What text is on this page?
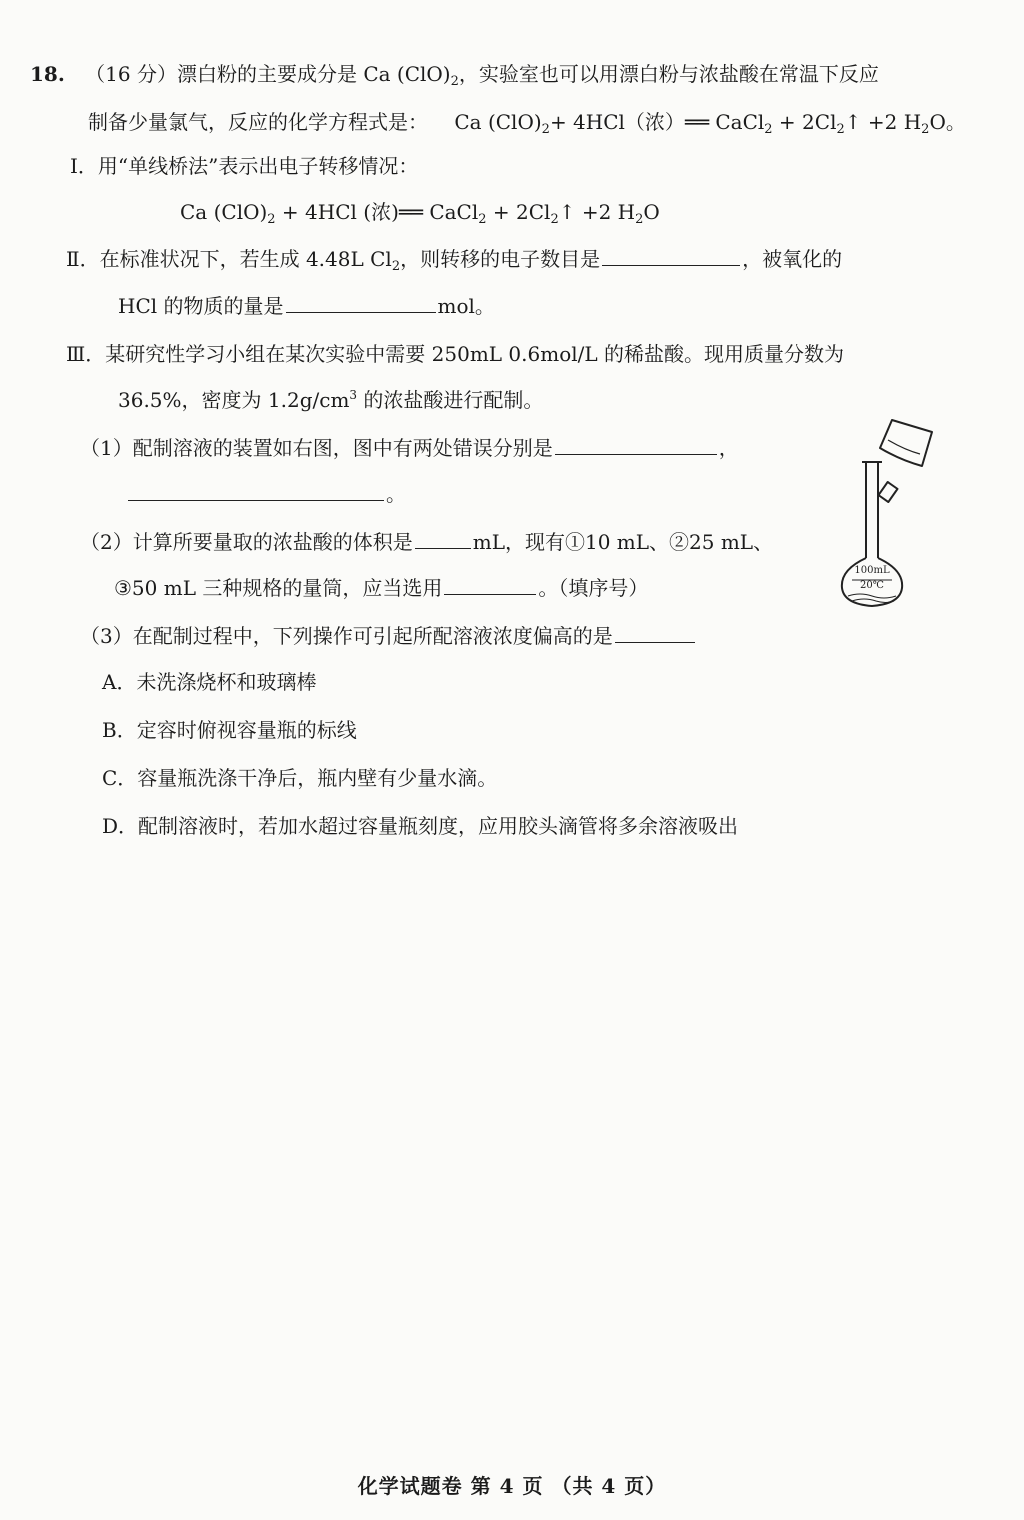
18. （16 分）漂白粉的主要成分是 Ca $(ClO)_2$，实验室也可以用漂白粉与浓盐酸在常温下反应
制备少量氯气，反应的化学方程式是： Ca $(ClO)_2+ 4HCl$（浓）══ CaCl$_2$ + $2Cl_2↑ +2$ $H_2O$。
Ⅰ．用“单线桥法”表示出电子转移情况：
Ca $(ClO)_2 + 4HCl$ (浓)══ CaCl$_2$ + $2Cl_2↑ +2$ $H_2O$
Ⅱ．在标准状况下，若生成 4.48L $Cl_2$，则转移的电子数目是	，被氧化的
HCl 的物质的量是	mol。
Ⅲ．某研究性学习小组在某次实验中需要 250mL 0.6mol/L 的稀盐酸。现用质量分数为
36.5%，密度为 $1.2g/cm^3$ 的浓盐酸进行配制。
（1）配制溶液的装置如右图，图中有两处错误分别是	，
。
（2）计算所要量取的浓盐酸的体积是	mL，现有①10 mL、②25 mL、
③50 mL 三种规格的量筒，应当选用	。（填序号）
（3）在配制过程中，下列操作可引起所配溶液浓度偏高的是
A．未洗涤烧杯和玻璃棒
B．定容时俯视容量瓶的标线
C．容量瓶洗涤干净后，瓶内壁有少量水滴。
D．配制溶液时，若加水超过容量瓶刻度，应用胶头滴管将多余溶液吸出
100mL
20℃
化学试题卷 第 4 页 （共 4 页）
